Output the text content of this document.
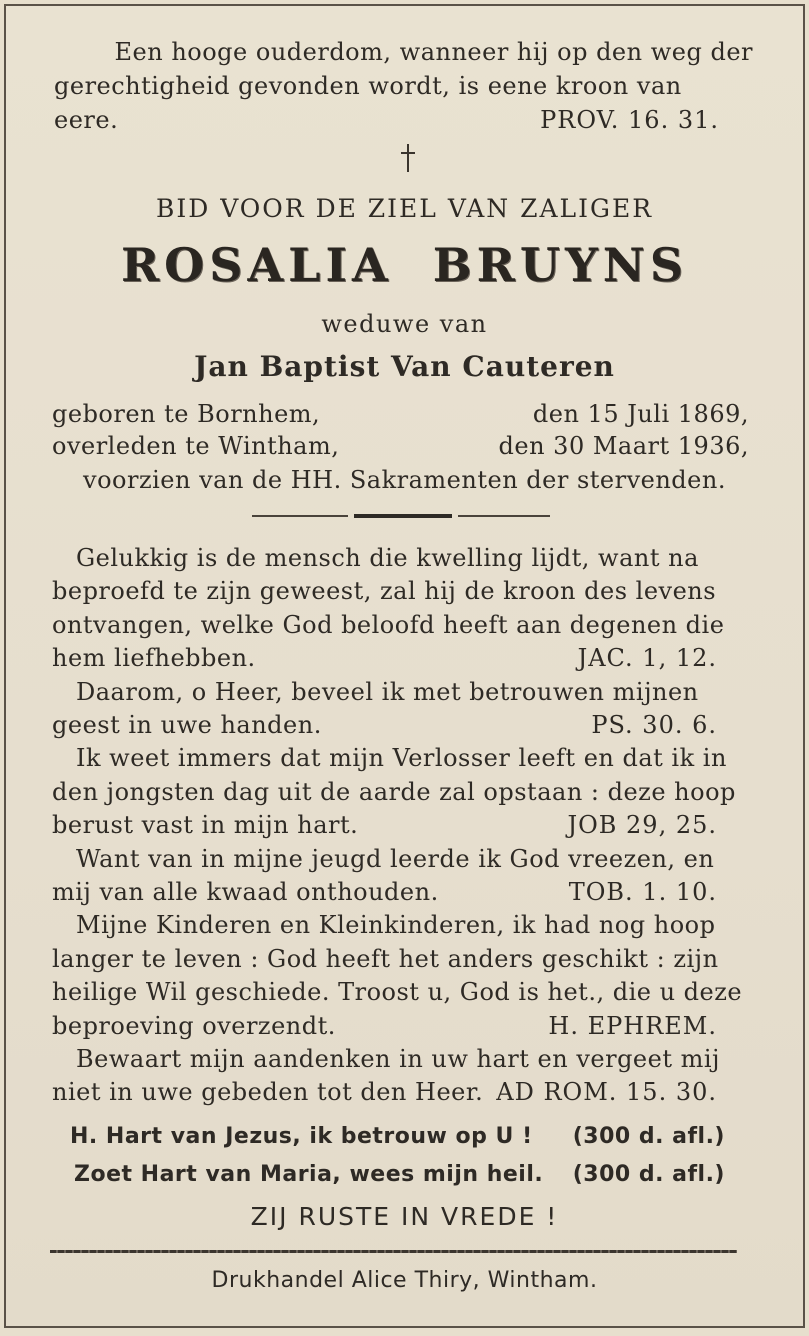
Een hooge ouderdom, wanneer hij op den weg der
gerechtigheid gevonden wordt, is eene kroon van
eere.	PROV. 16. 31.
BID VOOR DE ZIEL VAN ZALIGER
ROSALIA BRUYNS
weduwe van
Jan Baptist Van Cauteren
geboren te Bornhem,	den 15 Juli 1869,
overleden te Wintham,	den 30 Maart 1936,
voorzien van de HH. Sakramenten der stervenden.
Gelukkig is de mensch die kwelling lijdt, want na
beproefd te zijn geweest, zal hij de kroon des levens
ontvangen, welke God beloofd heeft aan degenen die
hem liefhebben.	JAC. 1, 12.
Daarom, o Heer, beveel ik met betrouwen mijnen
geest in uwe handen.	PS. 30. 6.
Ik weet immers dat mijn Verlosser leeft en dat ik in
den jongsten dag uit de aarde zal opstaan : deze hoop
berust vast in mijn hart.	JOB 29, 25.
Want van in mijne jeugd leerde ik God vreezen, en
mij van alle kwaad onthouden.	TOB. 1. 10.
Mijne Kinderen en Kleinkinderen, ik had nog hoop
langer te leven : God heeft het anders geschikt : zijn
heilige Wil geschiede. Troost u, God is het., die u deze
beproeving overzendt.	H. EPHREM.
Bewaart mijn aandenken in uw hart en vergeet mij
niet in uwe gebeden tot den Heer. AD ROM. 15. 30.
H. Hart van Jezus, ik betrouw op U ! (300 d. afl.)
Zoet Hart van Maria, wees mijn heil. (300 d. afl.)
ZIJ RUSTE IN VREDE !
Drukhandel Alice Thiry, Wintham.
